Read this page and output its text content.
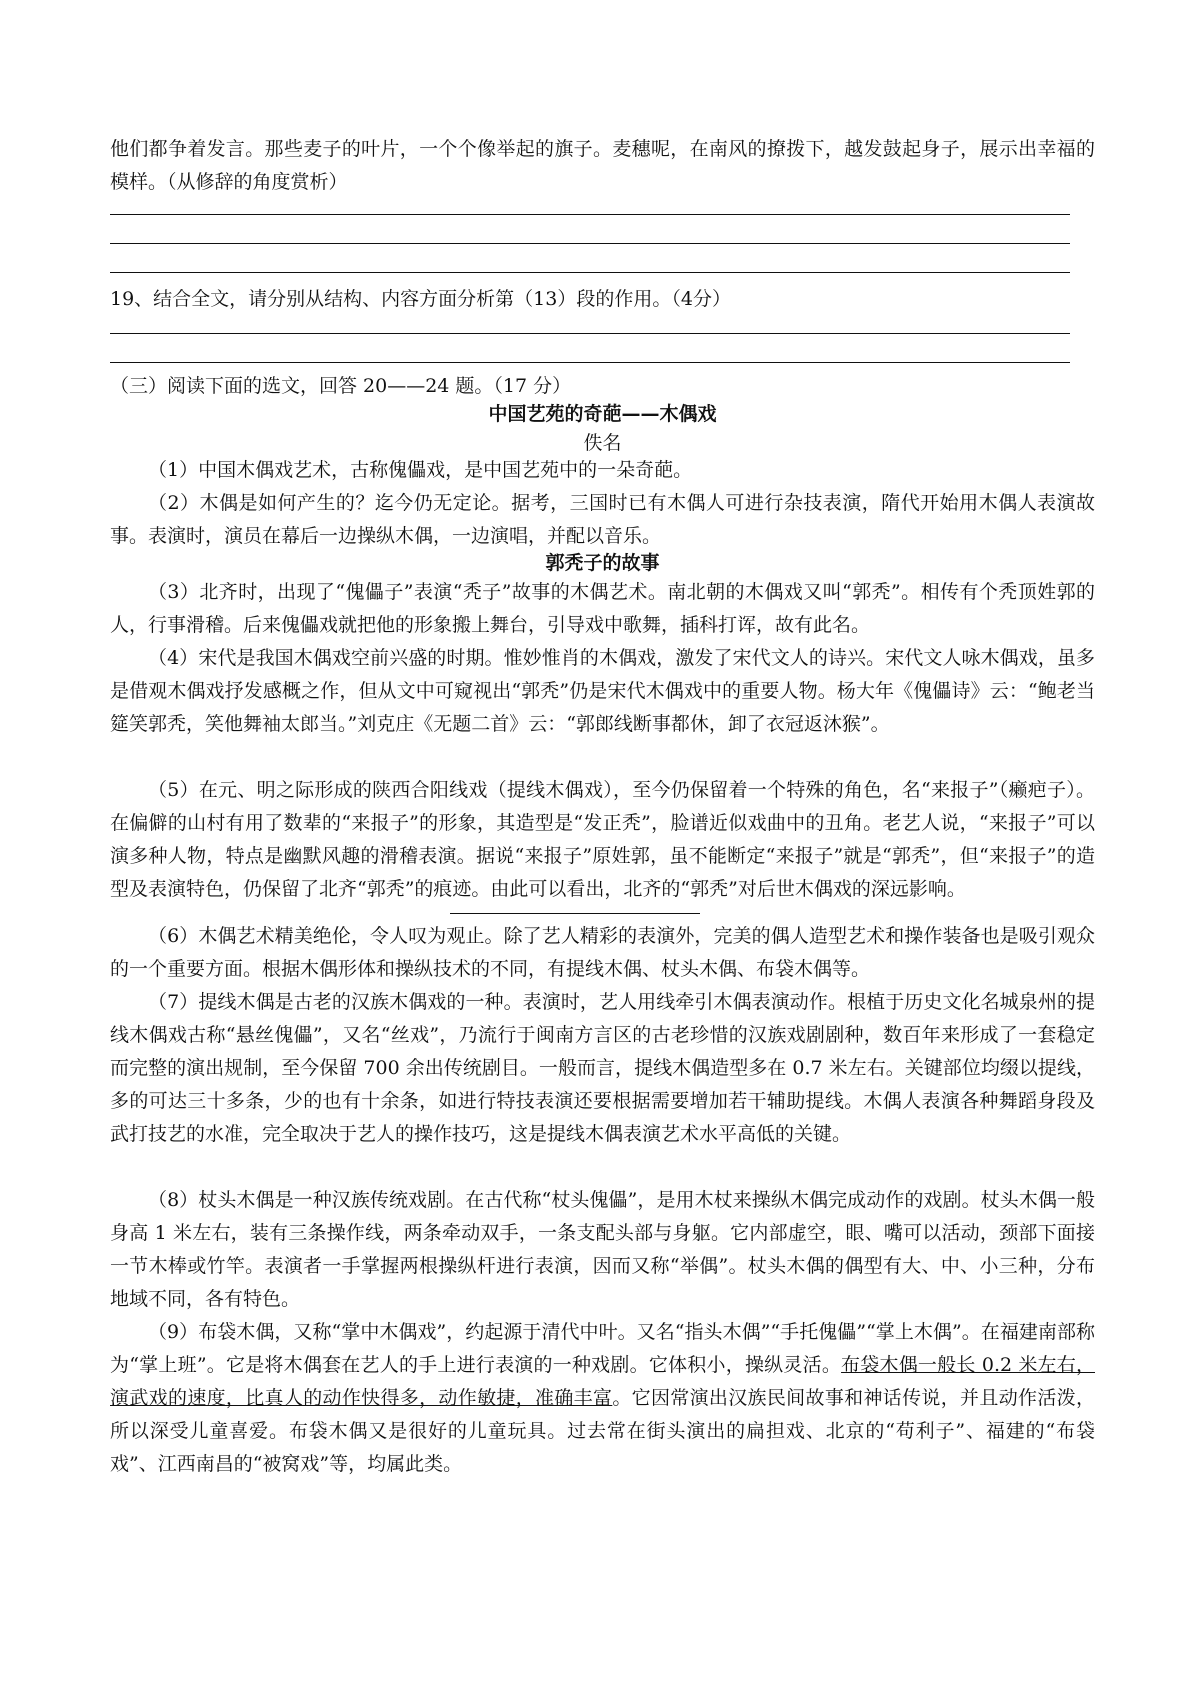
他们都争着发言。那些麦子的叶片，一个个像举起的旗子。麦穗呢，在南风的撩拨下，越发鼓起身子，展示出幸福的模样。（从修辞的角度赏析）

19、结合全文，请分别从结构、内容方面分析第（13）段的作用。（4分）

（三）阅读下面的选文，回答 20——24 题。（17 分）

中国艺苑的奇葩——木偶戏

佚名

（1）中国木偶戏艺术，古称傀儡戏，是中国艺苑中的一朵奇葩。

（2）木偶是如何产生的？迄今仍无定论。据考，三国时已有木偶人可进行杂技表演，隋代开始用木偶人表演故事。表演时，演员在幕后一边操纵木偶，一边演唱，并配以音乐。

郭秃子的故事

（3）北齐时，出现了“傀儡子”表演“秃子”故事的木偶艺术。南北朝的木偶戏又叫“郭秃”。相传有个秃顶姓郭的人，行事滑稽。后来傀儡戏就把他的形象搬上舞台，引导戏中歌舞，插科打诨，故有此名。

（4）宋代是我国木偶戏空前兴盛的时期。惟妙惟肖的木偶戏，激发了宋代文人的诗兴。宋代文人咏木偶戏，虽多是借观木偶戏抒发感概之作，但从文中可窥视出“郭秃”仍是宋代木偶戏中的重要人物。杨大年《傀儡诗》云：“鲍老当筵笑郭秃，笑他舞袖太郎当。”刘克庄《无题二首》云：“郭郎线断事都休，卸了衣冠返沐猴”。

（5）在元、明之际形成的陕西合阳线戏（提线木偶戏），至今仍保留着一个特殊的角色，名“来报子”（癞疤子）。在偏僻的山村有用了数辈的“来报子”的形象，其造型是“发正秃”，脸谱近似戏曲中的丑角。老艺人说，“来报子”可以演多种人物，特点是幽默风趣的滑稽表演。据说“来报子”原姓郭，虽不能断定“来报子”就是“郭秃”，但“来报子”的造型及表演特色，仍保留了北齐“郭秃”的痕迹。由此可以看出，北齐的“郭秃”对后世木偶戏的深远影响。

（6）木偶艺术精美绝伦，令人叹为观止。除了艺人精彩的表演外，完美的偶人造型艺术和操作装备也是吸引观众的一个重要方面。根据木偶形体和操纵技术的不同，有提线木偶、杖头木偶、布袋木偶等。

（7）提线木偶是古老的汉族木偶戏的一种。表演时，艺人用线牵引木偶表演动作。根植于历史文化名城泉州的提线木偶戏古称“悬丝傀儡”，又名“丝戏”，乃流行于闽南方言区的古老珍惜的汉族戏剧剧种，数百年来形成了一套稳定而完整的演出规制，至今保留 700 余出传统剧目。一般而言，提线木偶造型多在 0.7 米左右。关键部位均缀以提线，多的可达三十多条，少的也有十余条，如进行特技表演还要根据需要增加若干辅助提线。木偶人表演各种舞蹈身段及武打技艺的水准，完全取决于艺人的操作技巧，这是提线木偶表演艺术水平高低的关键。

（8）杖头木偶是一种汉族传统戏剧。在古代称“杖头傀儡”，是用木杖来操纵木偶完成动作的戏剧。杖头木偶一般身高 1 米左右，装有三条操作线，两条牵动双手，一条支配头部与身躯。它内部虚空，眼、嘴可以活动，颈部下面接一节木棒或竹竿。表演者一手掌握两根操纵杆进行表演，因而又称“举偶”。杖头木偶的偶型有大、中、小三种，分布地域不同，各有特色。

（9）布袋木偶，又称“掌中木偶戏”，约起源于清代中叶。又名“指头木偶”“手托傀儡”“掌上木偶”。在福建南部称为“掌上班”。它是将木偶套在艺人的手上进行表演的一种戏剧。它体积小，操纵灵活。布袋木偶一般长 0.2 米左右，演武戏的速度，比真人的动作快得多，动作敏捷，准确丰富。它因常演出汉族民间故事和神话传说，并且动作活泼，所以深受儿童喜爱。布袋木偶又是很好的儿童玩具。过去常在街头演出的扁担戏、北京的“苟利子”、福建的“布袋戏”、江西南昌的“被窝戏”等，均属此类。
